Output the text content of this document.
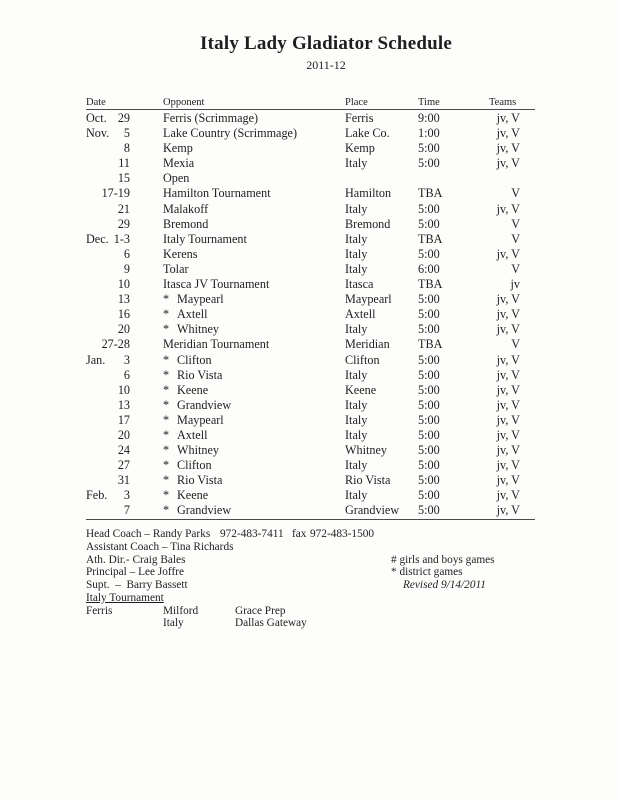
Italy Lady Gladiator Schedule
2011-12
Date	Opponent	Place	Time	Teams
Oct. 29	Ferris (Scrimmage)	Ferris	9:00	jv, V
Nov.	5	Lake Country (Scrimmage)	Lake Co.	1:00	jv, V
8	Kemp	Kemp	5:00	jv, V
11	Mexia	Italy	5:00	jv, V
15	Open
17-19	Hamilton Tournament	Hamilton	TBA	V
21	Malakoff	Italy	5:00	jv, V
29	Bremond	Bremond	5:00	V
Dec. 1-3	Italy Tournament	Italy	TBA	V
6	Kerens	Italy	5:00	jv, V
9	Tolar	Italy	6:00	V
10	Itasca JV Tournament	Itasca	TBA	jv
13	* Maypearl	Maypearl	5:00	jv, V
16	* Axtell	Axtell	5:00	jv, V
20	* Whitney	Italy	5:00	jv, V
27-28	Meridian Tournament	Meridian	TBA	V
Jan.	3	* Clifton	Clifton	5:00	jv, V
6	* Rio Vista	Italy	5:00	jv, V
10	* Keene	Keene	5:00	jv, V
13	* Grandview	Italy	5:00	jv, V
17	* Maypearl	Italy	5:00	jv, V
20	* Axtell	Italy	5:00	jv, V
24	* Whitney	Whitney	5:00	jv, V
27	* Clifton	Italy	5:00	jv, V
31	* Rio Vista	Rio Vista	5:00	jv, V
Feb.	3	* Keene	Italy	5:00	jv, V
7	* Grandview	Grandview	5:00	jv, V

Head Coach – Randy Parks

972-483-7411

fax

972-483-1500

Assistant Coach – Tina Richards

Ath. Dir.- Craig Bales

	# girls and boys games

Principal – Lee Joffre

	* district games

Supt.  –  Barry Bassett

	Revised 9/14/2011

Italy Tournament

Ferris	Milford	Grace Prep
Italy	Dallas Gateway
